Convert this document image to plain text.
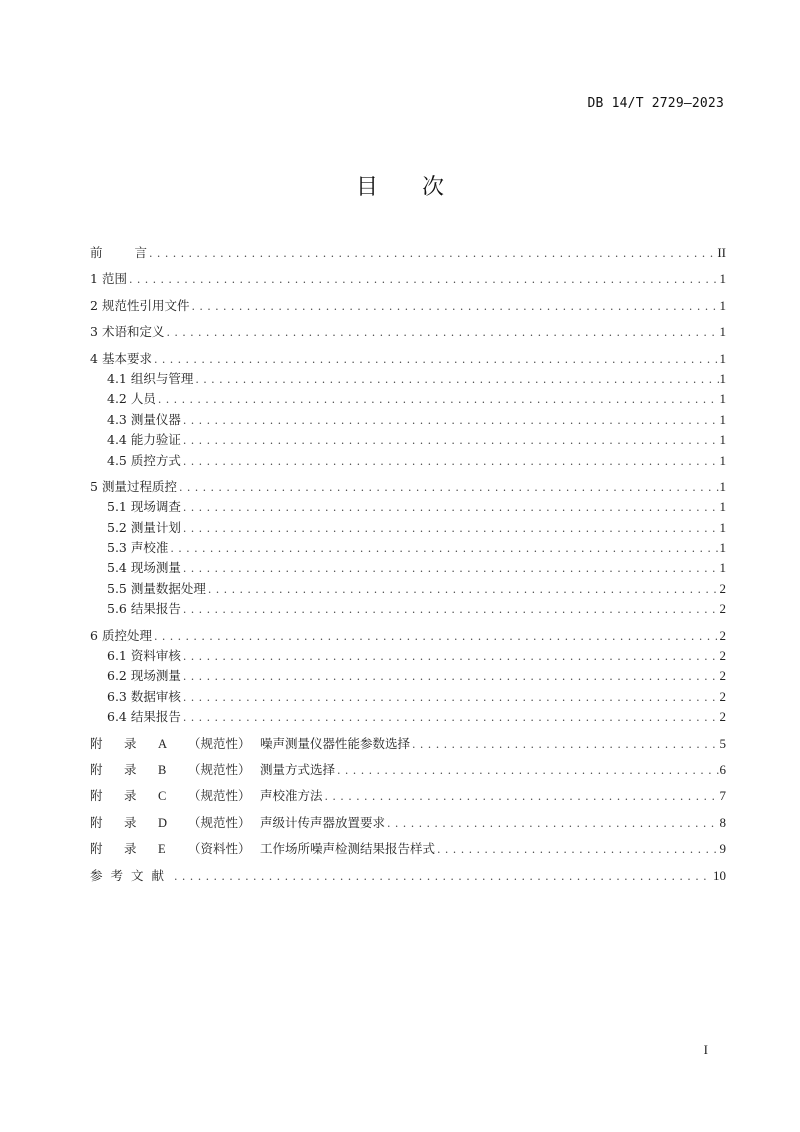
DB 14/T 2729—2023
目次
前言 .....	II
1 范围 .....	1
2 规范性引用文件 .....	1
3 术语和定义 .....	1
4 基本要求 .....	1
4.1 组织与管理 .....	1
4.2 人员 .....	1
4.3 测量仪器 .....	1
4.4 能力验证 .....	1
4.5 质控方式 .....	1
5 测量过程质控 .....	1
5.1 现场调查 .....	1
5.2 测量计划 .....	1
5.3 声校准 .....	1
5.4 现场测量 .....	1
5.5 测量数据处理 .....	2
5.6 结果报告 .....	2
6 质控处理 .....	2
6.1 资料审核 .....	2
6.2 现场测量 .....	2
6.3 数据审核 .....	2
6.4 结果报告 .....	2
附 录 A （规范性） 噪声测量仪器性能参数选择 .....	5
附 录 B （规范性） 测量方式选择 .....	6
附 录 C （规范性） 声校准方法 .....	7
附 录 D （规范性） 声级计传声器放置要求 .....	8
附 录 E （资料性） 工作场所噪声检测结果报告样式 .....	9
参考文献 .....	10
I
